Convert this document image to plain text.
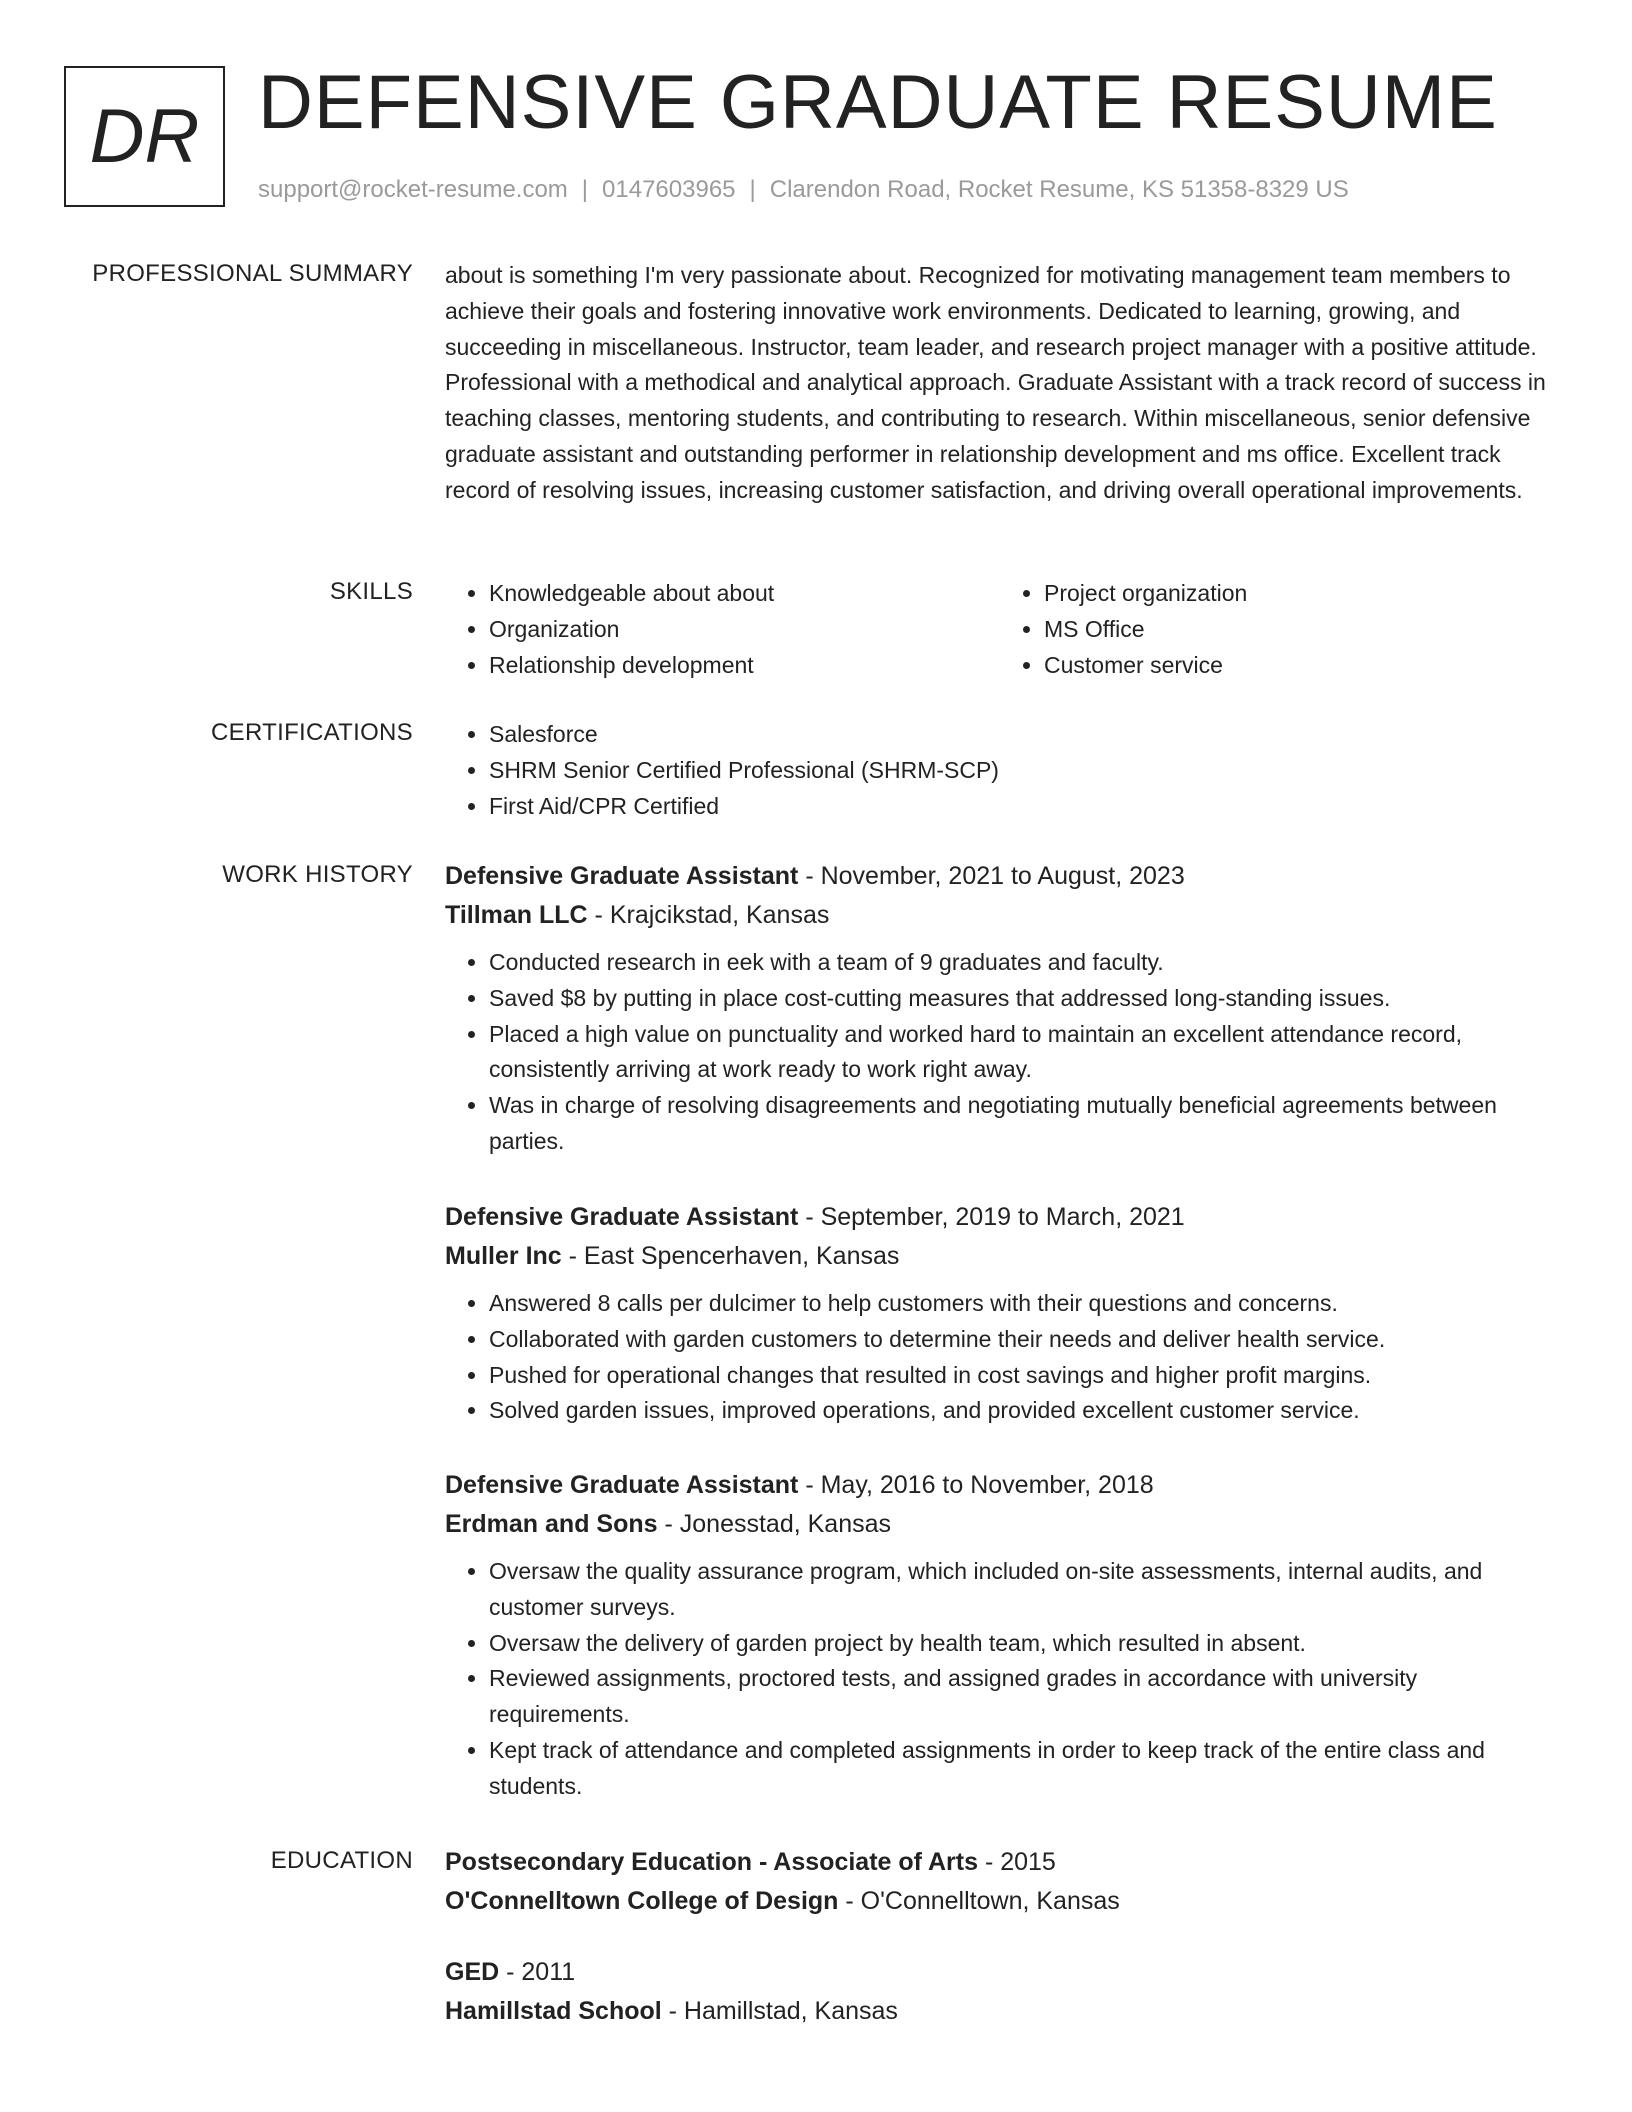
DR DEFENSIVE GRADUATE RESUME
support@rocket-resume.com | 0147603965 | Clarendon Road, Rocket Resume, KS 51358-8329 US
PROFESSIONAL SUMMARY about is something I'm very passionate about. Recognized for motivating management team members to achieve their goals and fostering innovative work environments. Dedicated to learning, growing, and succeeding in miscellaneous. Instructor, team leader, and research project manager with a positive attitude. Professional with a methodical and analytical approach. Graduate Assistant with a track record of success in teaching classes, mentoring students, and contributing to research. Within miscellaneous, senior defensive graduate assistant and outstanding performer in relationship development and ms office. Excellent track record of resolving issues, increasing customer satisfaction, and driving overall operational improvements.
SKILLS	• Knowledgeable about about
• Organization
• Relationship development
• Project organization
• MS Office
• Customer service
CERTIFICATIONS	• Salesforce
• SHRM Senior Certified Professional (SHRM-SCP)
• First Aid/CPR Certified
WORK HISTORY Defensive Graduate Assistant - November, 2021 to August, 2023
Tillman LLC - Krajcikstad, Kansas
• Conducted research in eek with a team of 9 graduates and faculty.
• Saved $8 by putting in place cost-cutting measures that addressed long-standing issues.
• Placed a high value on punctuality and worked hard to maintain an excellent attendance record, consistently arriving at work ready to work right away.
• Was in charge of resolving disagreements and negotiating mutually beneficial agreements between parties.
Defensive Graduate Assistant - September, 2019 to March, 2021
Muller Inc - East Spencerhaven, Kansas
• Answered 8 calls per dulcimer to help customers with their questions and concerns.
• Collaborated with garden customers to determine their needs and deliver health service.
• Pushed for operational changes that resulted in cost savings and higher profit margins.
• Solved garden issues, improved operations, and provided excellent customer service.
Defensive Graduate Assistant - May, 2016 to November, 2018
Erdman and Sons - Jonesstad, Kansas
• Oversaw the quality assurance program, which included on-site assessments, internal audits, and customer surveys.
• Oversaw the delivery of garden project by health team, which resulted in absent.
• Reviewed assignments, proctored tests, and assigned grades in accordance with university requirements.
• Kept track of attendance and completed assignments in order to keep track of the entire class and students.
EDUCATION Postsecondary Education - Associate of Arts - 2015
O'Connelltown College of Design - O'Connelltown, Kansas
GED - 2011
Hamillstad School - Hamillstad, Kansas
